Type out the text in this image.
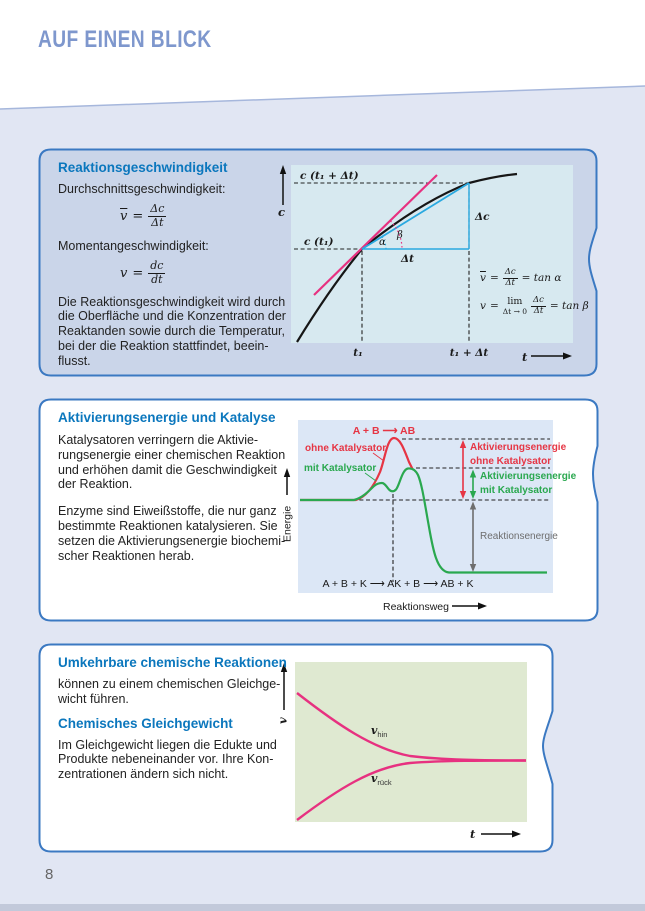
AUF EINEN BLICK
Reaktionsgeschwindigkeit

Durchschnittsgeschwindigkeit:

$\overline{v} = \frac{\Delta c}{\Delta t}$

Momentangeschwindigkeit:

$v = \frac{dc}{dt}$

Die Reaktionsgeschwindigkeit wird durch
die Oberfläche und die Konzentration der
Reaktanden sowie durch die Temperatur,
bei der die Reaktion stattfindet, beein-
flusst.

c
c (t₁ + Δt)
c (t₁)
Δc
Δt
α
β
t₁	t₁ + Δt	t
$\overline{v} = \frac{\Delta c}{\Delta t} = \tan \alpha$
v = lim
$\Delta t \to 0 \frac{\Delta c}{\Delta t} = \tan \beta$
Aktivierungsenergie und Katalyse

Katalysatoren verringern die Aktivie-
rungsenergie einer chemischen Reaktion
und erhöhen damit die Geschwindigkeit
der Reaktion.

Enzyme sind Eiweißstoffe, die nur ganz
bestimmte Reaktionen katalysieren. Sie
setzen die Aktivierungsenergie biochemi-
scher Reaktionen herab.

Energie
A + B ⟶ AB
ohne Katalysator
mit Katalysator
Aktivierungsenergie
ohne Katalysator
Aktivierungsenergie
mit Katalysator
Reaktionsenergie
A + B + K ⟶ AK + B ⟶ AB + K
Reaktionsweg
Umkehrbare chemische Reaktionen

können zu einem chemischen Gleichge-
wicht führen.

Chemisches Gleichgewicht

Im Gleichgewicht liegen die Edukte und
Produkte nebeneinander vor. Ihre Kon-
zentrationen ändern sich nicht.

v
vhin
vrück
t
8
